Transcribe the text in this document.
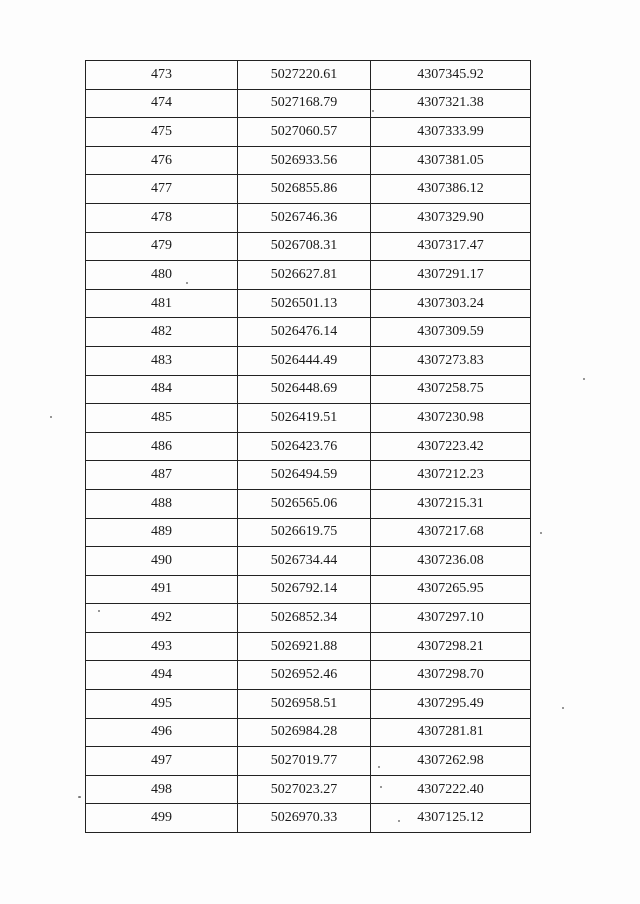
473	5027220.61	4307345.92
474	5027168.79	4307321.38
475	5027060.57	4307333.99
476	5026933.56	4307381.05
477	5026855.86	4307386.12
478	5026746.36	4307329.90
479	5026708.31	4307317.47
480	5026627.81	4307291.17
481	5026501.13	4307303.24
482	5026476.14	4307309.59
483	5026444.49	4307273.83
484	5026448.69	4307258.75
485	5026419.51	4307230.98
486	5026423.76	4307223.42
487	5026494.59	4307212.23
488	5026565.06	4307215.31
489	5026619.75	4307217.68
490	5026734.44	4307236.08
491	5026792.14	4307265.95
492	5026852.34	4307297.10
493	5026921.88	4307298.21
494	5026952.46	4307298.70
495	5026958.51	4307295.49
496	5026984.28	4307281.81
497	5027019.77	4307262.98
498	5027023.27	4307222.40
499	5026970.33	4307125.12
